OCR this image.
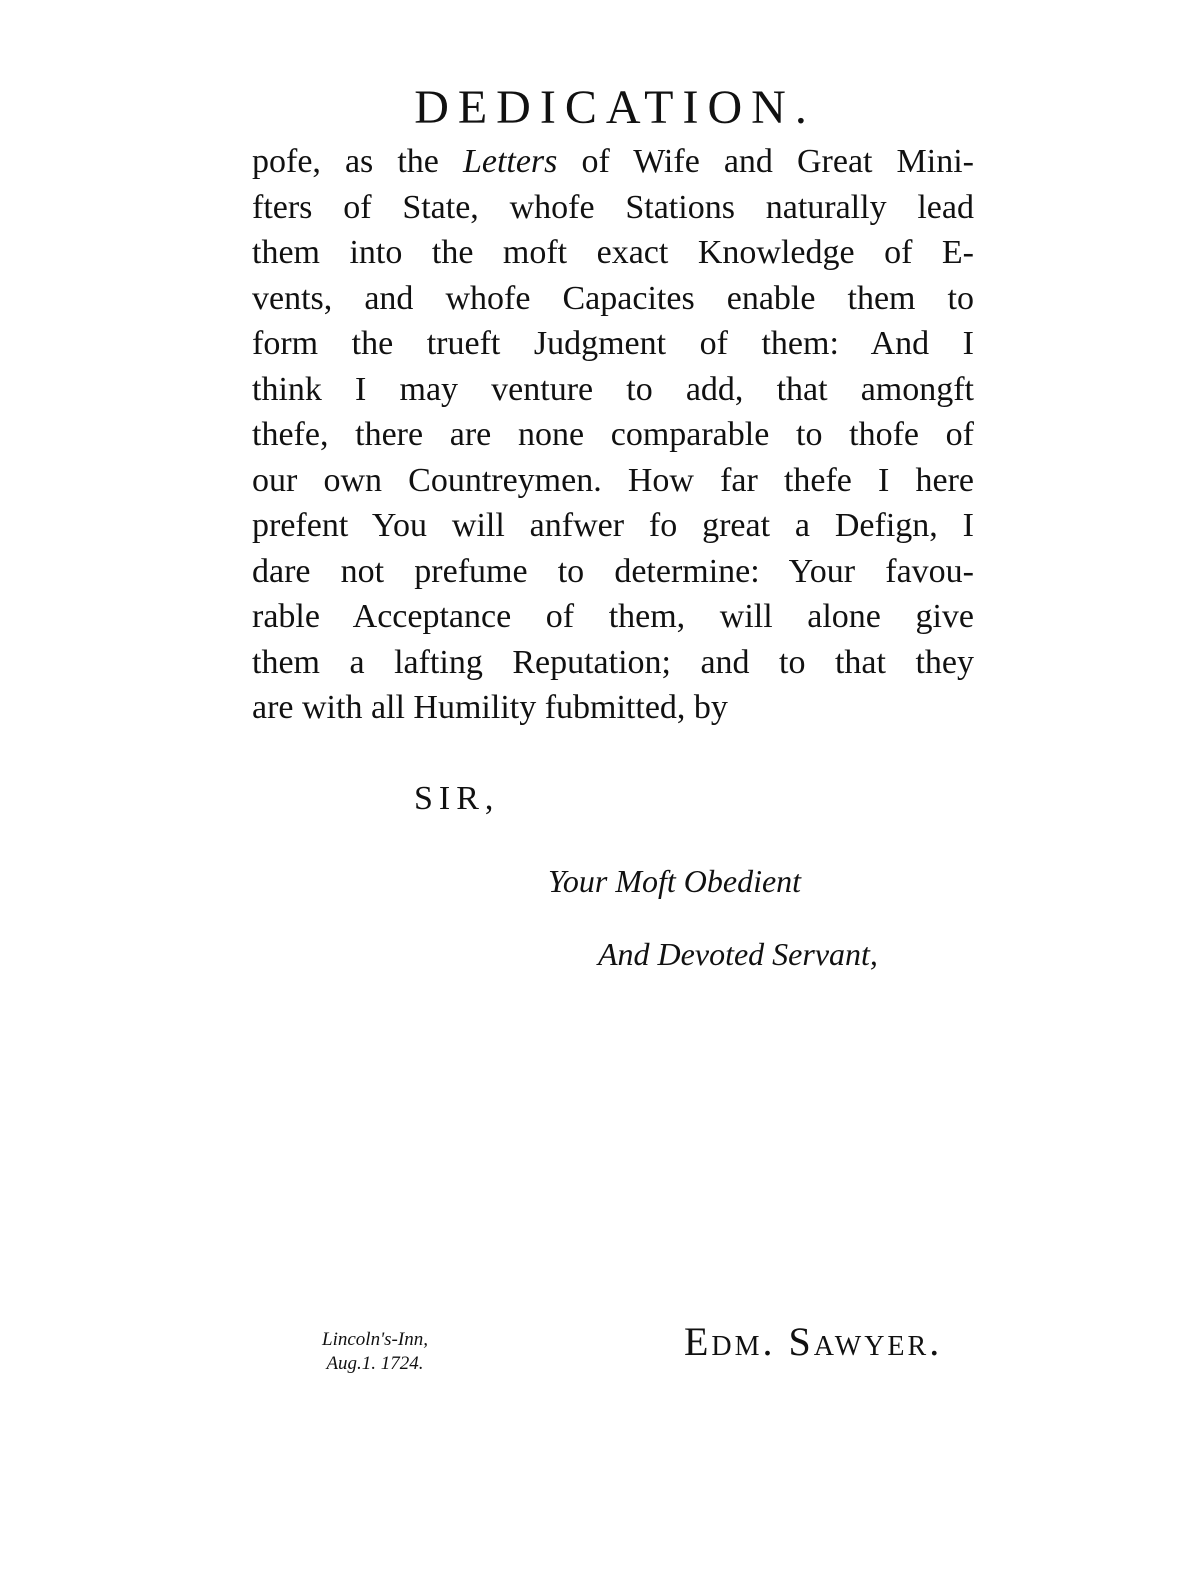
DEDICATION.
pofe, as the Letters of Wife and Great Mini-
fters of State, whofe Stations naturally lead
them into the moft exact Knowledge of E-
vents, and whofe Capacites enable them to
form the trueft Judgment of them: And I
think I may venture to add, that amongft
thefe, there are none comparable to thofe of
our own Countreymen. How far thefe I here
prefent You will anfwer fo great a Defign, I
dare not prefume to determine: Your favou-
rable Acceptance of them, will alone give
them a lafting Reputation; and to that they
are with all Humility fubmitted, by

SIR,

Your Moft Obedient

And Devoted Servant,

Lincoln's-Inn,
Aug.1. 1724.	Edm. Sawyer.
